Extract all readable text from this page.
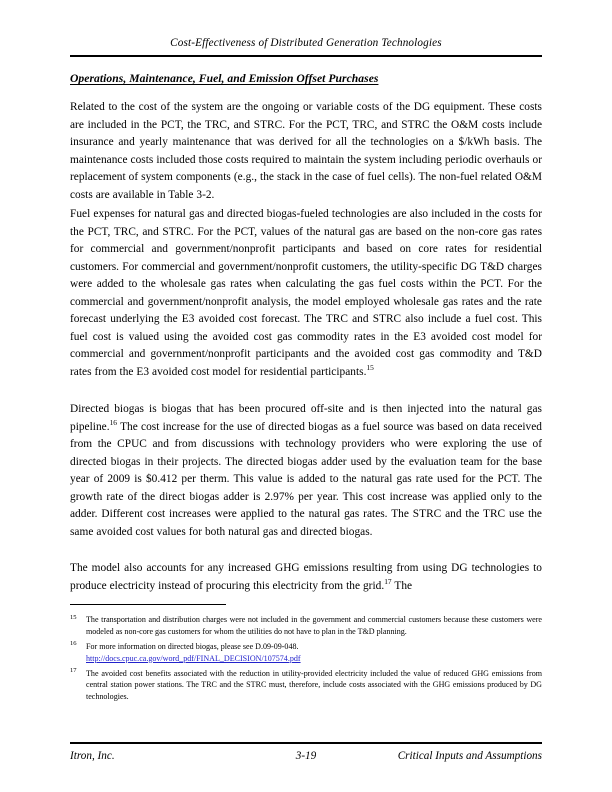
Cost-Effectiveness of Distributed Generation Technologies
Operations, Maintenance, Fuel, and Emission Offset Purchases
Related to the cost of the system are the ongoing or variable costs of the DG equipment. These costs are included in the PCT, the TRC, and STRC. For the PCT, TRC, and STRC the O&M costs include insurance and yearly maintenance that was derived for all the technologies on a $/kWh basis. The maintenance costs included those costs required to maintain the system including periodic overhauls or replacement of system components (e.g., the stack in the case of fuel cells). The non-fuel related O&M costs are available in Table 3-2.
Fuel expenses for natural gas and directed biogas-fueled technologies are also included in the costs for the PCT, TRC, and STRC. For the PCT, values of the natural gas are based on the non-core gas rates for commercial and government/nonprofit participants and based on core rates for residential customers. For commercial and government/nonprofit customers, the utility-specific DG T&D charges were added to the wholesale gas rates when calculating the gas fuel costs within the PCT. For the commercial and government/nonprofit analysis, the model employed wholesale gas rates and the rate forecast underlying the E3 avoided cost forecast. The TRC and STRC also include a fuel cost. This fuel cost is valued using the avoided cost gas commodity rates in the E3 avoided cost model for commercial and government/nonprofit participants and the avoided cost gas commodity and T&D rates from the E3 avoided cost model for residential participants.$^{15}$
Directed biogas is biogas that has been procured off-site and is then injected into the natural gas pipeline.$^{16}$ The cost increase for the use of directed biogas as a fuel source was based on data received from the CPUC and from discussions with technology providers who were exploring the use of directed biogas in their projects. The directed biogas adder used by the evaluation team for the base year of 2009 is $0.412 per therm. This value is added to the natural gas rate used for the PCT. The growth rate of the direct biogas adder is 2.97% per year. This cost increase was applied only to the adder. Different cost increases were applied to the natural gas rates. The STRC and the TRC use the same avoided cost values for both natural gas and directed biogas.
The model also accounts for any increased GHG emissions resulting from using DG technologies to produce electricity instead of procuring this electricity from the grid.$^{17}$ The
15	The transportation and distribution charges were not included in the government and commercial customers because these customers were modeled as non-core gas customers for whom the utilities do not have to plan in the T&D planning.
16	For more information on directed biogas, please see D.09-09-048.
http://docs.cpuc.ca.gov/word_pdf/FINAL_DECISION/107574.pdf
17	The avoided cost benefits associated with the reduction in utility-provided electricity included the value of reduced GHG emissions from central station power stations. The TRC and the STRC must, therefore, include costs associated with the GHG emissions produced by DG technologies.
Itron, Inc.	3-19	Critical Inputs and Assumptions
